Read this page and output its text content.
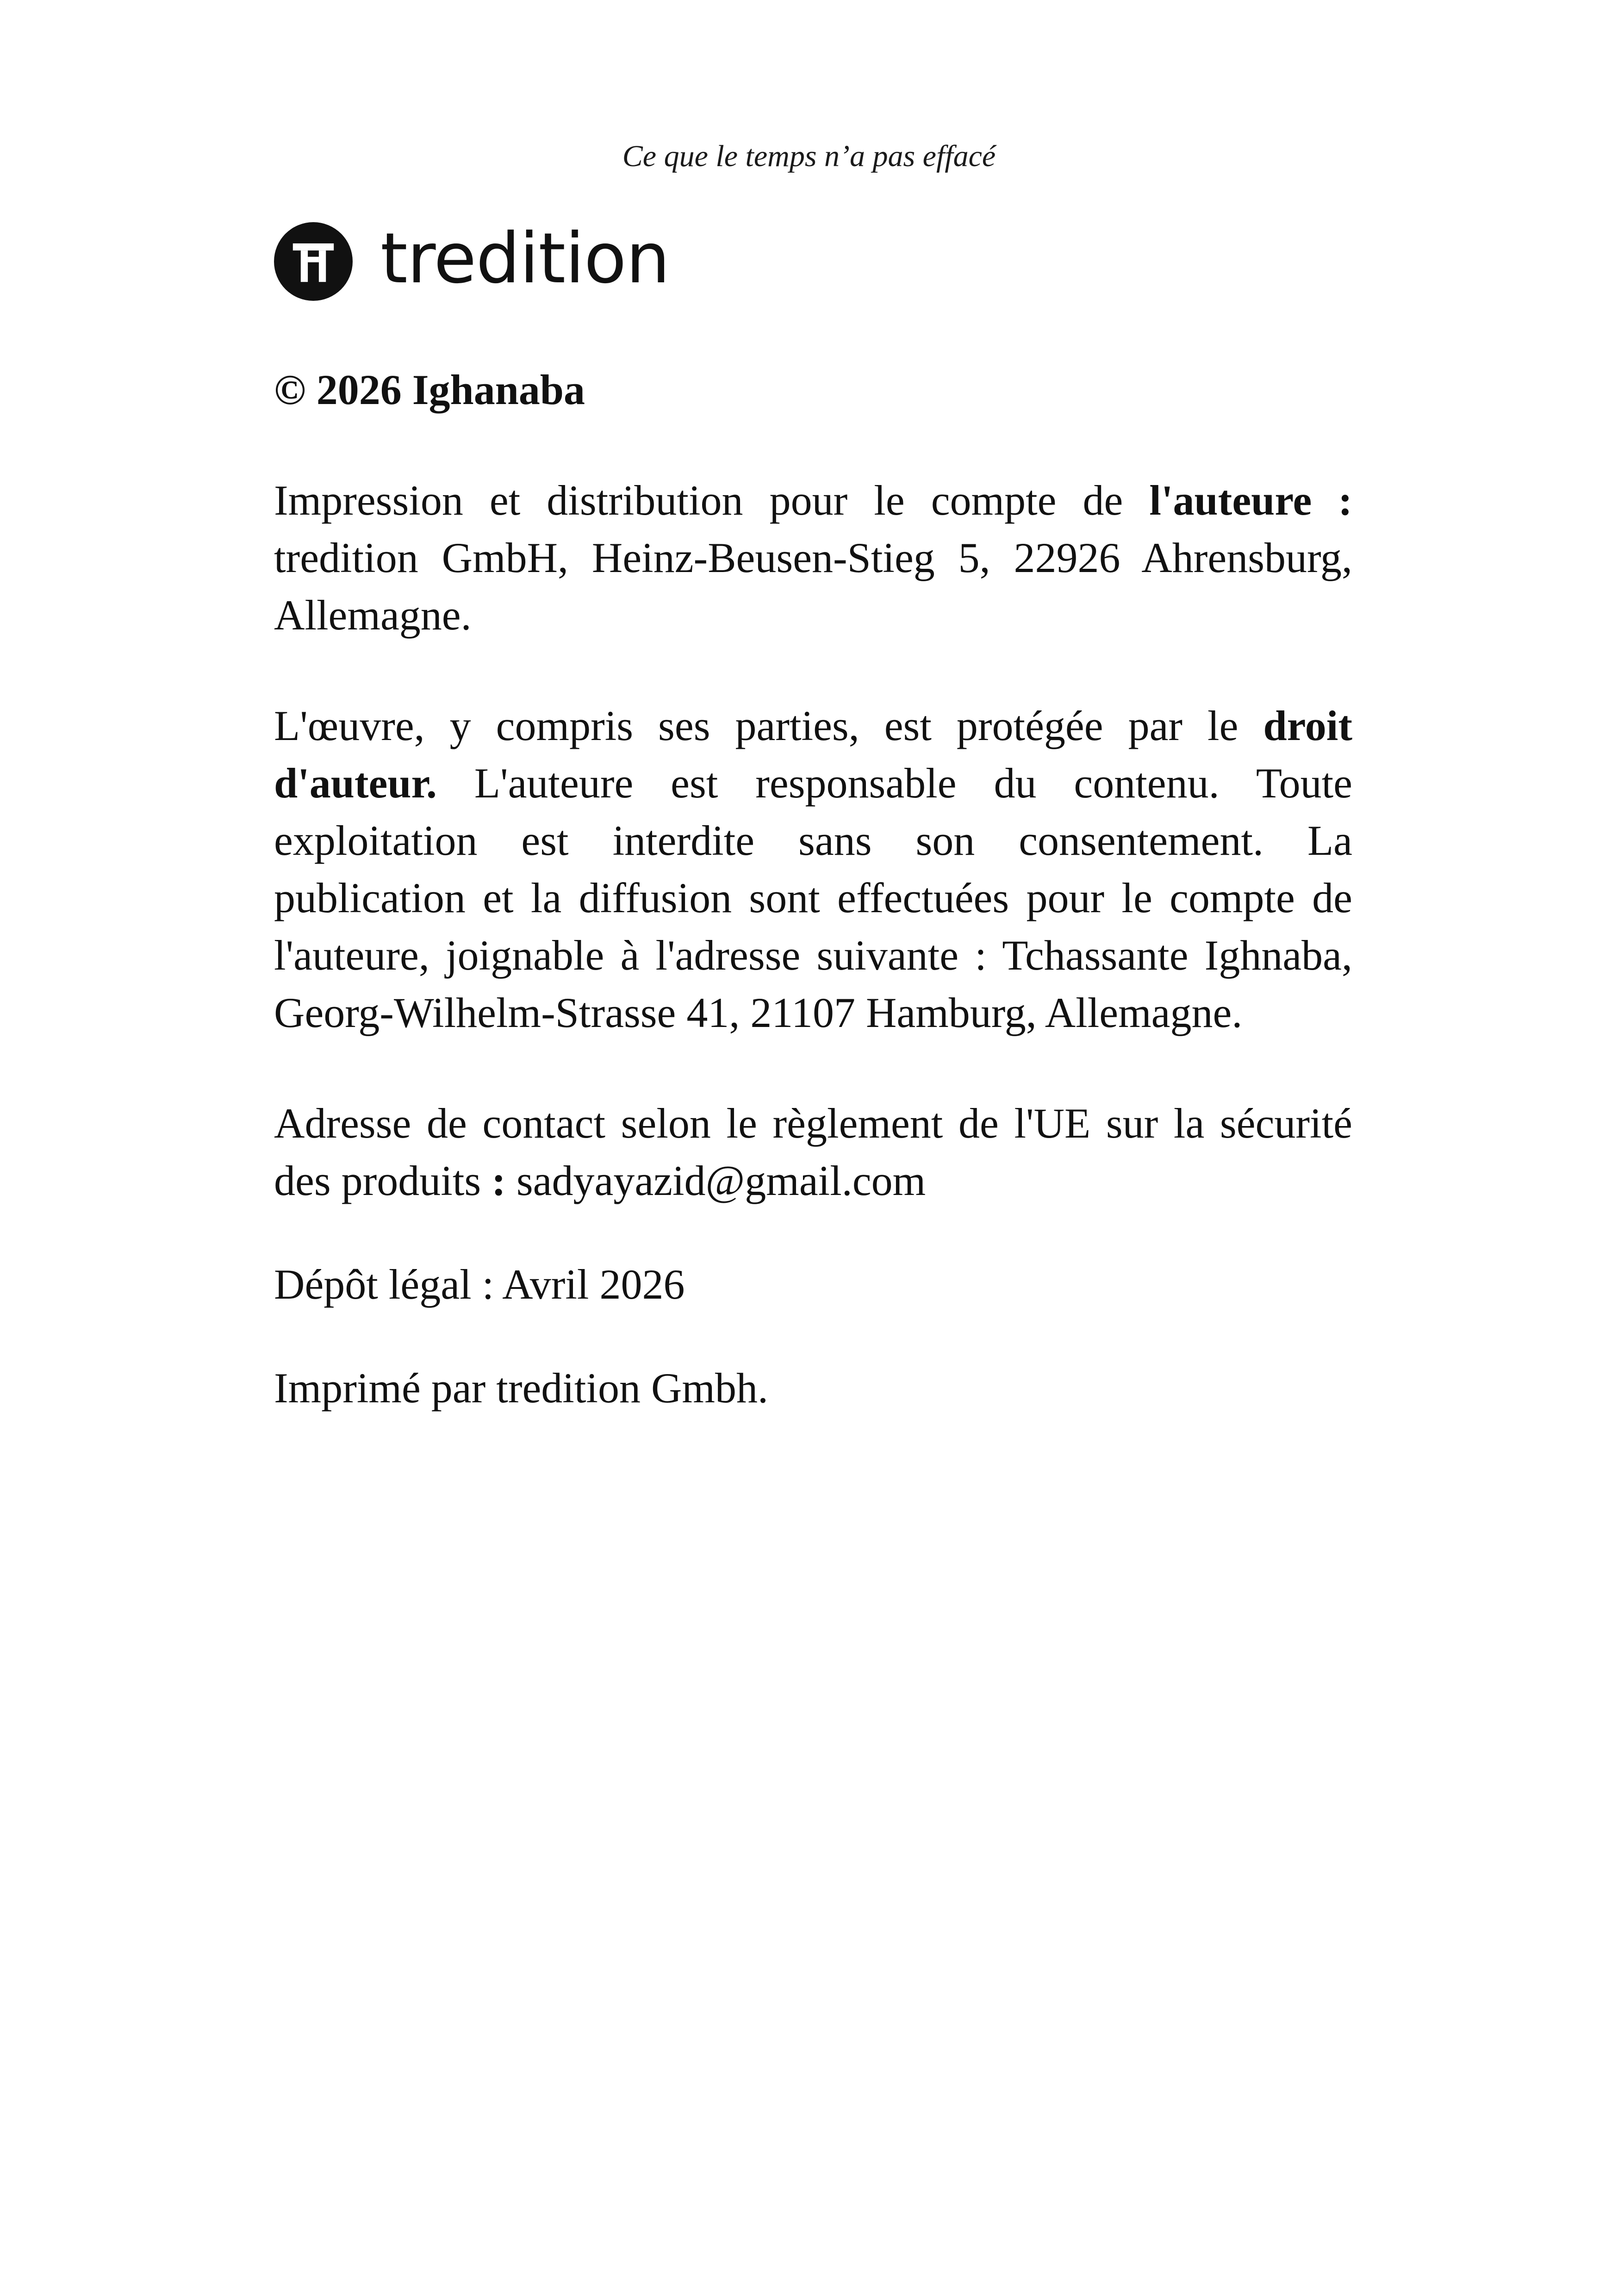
Ce que le temps n’a pas effacé
tredition

© 2026 Ighanaba

Impression et distribution pour le compte de l'auteure : tredition GmbH, Heinz-Beusen-Stieg 5, 22926 Ahrensburg, Allemagne.

L'œuvre, y compris ses parties, est protégée par le droit d'auteur. L'auteure est responsable du contenu. Toute exploitation est interdite sans son consentement. La publication et la diffusion sont effectuées pour le compte de l'auteure, joignable à l'adresse suivante : Tchassante Ighnaba, Georg-Wilhelm-Strasse 41, 21107 Hamburg, Allemagne.

Adresse de contact selon le règlement de l'UE sur la sécurité des produits : sadyayazid@gmail.com

Dépôt légal : Avril 2026

Imprimé par tredition Gmbh.
